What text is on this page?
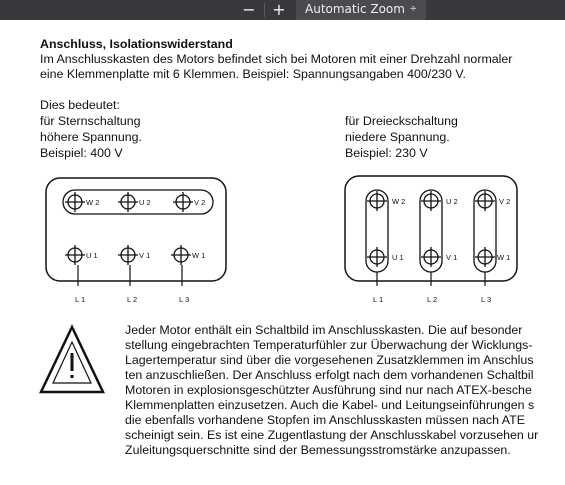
− +	Automatic Zoom ÷
Anschluss, Isolationswiderstand
Im Anschlusskasten des Motors befindet sich bei Motoren mit einer Drehzahl normaler
eine Klemmenplatte mit 6 Klemmen. Beispiel: Spannungsangaben 400/230 V.
Dies bedeutet:
für Sternschaltung
höhere Spannung.
Beispiel: 400 V
für Dreieckschaltung
niedere Spannung.
Beispiel: 230 V
W 2	U 2	V 2
U 1	V 1	W 1
L 1	L 2	L 3
W 2	U 2	V 2
U 1	V 1	W 1
L 1	L 2	L 3
Jeder Motor enthält ein Schaltbild im Anschlusskasten. Die auf besonder
stellung eingebrachten Temperaturfühler zur Überwachung der Wicklungs-
Lagertemperatur sind über die vorgesehenen Zusatzklemmen im Anschlus
ten anzuschließen. Der Anschluss erfolgt nach dem vorhandenen Schaltbil
Motoren in explosionsgeschützter Ausführung sind nur nach ATEX-besche
Klemmenplatten einzusetzen. Auch die Kabel- und Leitungseinführungen s
die ebenfalls vorhandene Stopfen im Anschlusskasten müssen nach ATE
scheinigt sein. Es ist eine Zugentlastung der Anschlusskabel vorzusehen ur
Zuleitungsquerschnitte sind der Bemessungsstromstärke anzupassen.
